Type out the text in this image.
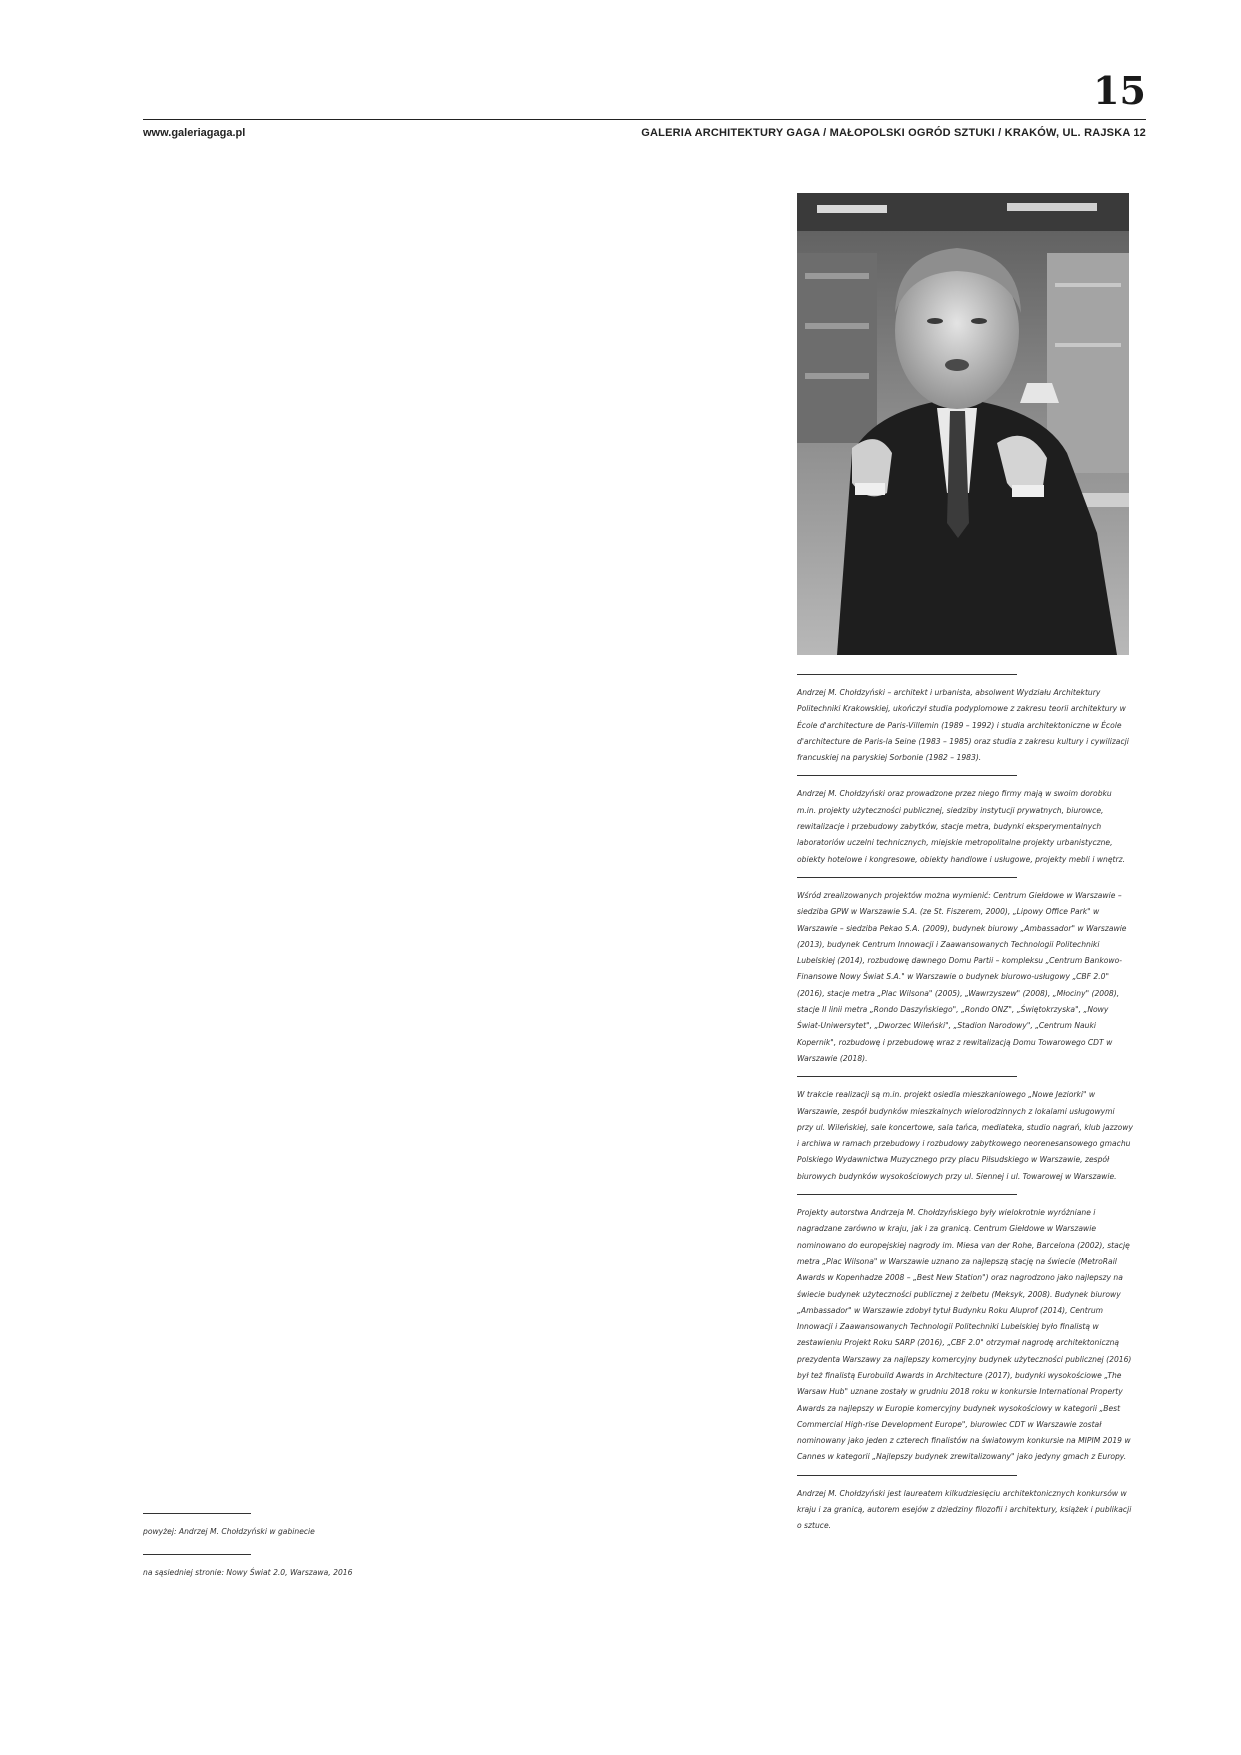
15
www.galeriagaga.pl	GALERIA ARCHITEKTURY GAGA / MAŁOPOLSKI OGRÓD SZTUKI / KRAKÓW, UL. RAJSKA 12

Andrzej M. Chołdzyński – architekt i urbanista, absolwent Wydziału Architektury Politechniki Krakowskiej, ukończył studia podyplomowe z zakresu teorii architektury w École d'architecture de Paris-Villemin (1989 – 1992) i studia architektoniczne w École d'architecture de Paris-la Seine (1983 – 1985) oraz studia z zakresu kultury i cywilizacji francuskiej na paryskiej Sorbonie (1982 – 1983).

Andrzej M. Chołdzyński oraz prowadzone przez niego firmy mają w swoim dorobku m.in. projekty użyteczności publicznej, siedziby instytucji prywatnych, biurowce, rewitalizacje i przebudowy zabytków, stacje metra, budynki eksperymentalnych laboratoriów uczelni technicznych, miejskie metropolitalne projekty urbanistyczne, obiekty hotelowe i kongresowe, obiekty handlowe i usługowe, projekty mebli i wnętrz.

Wśród zrealizowanych projektów można wymienić: Centrum Giełdowe w Warszawie – siedziba GPW w Warszawie S.A. (ze St. Fiszerem, 2000), „Lipowy Office Park" w Warszawie – siedziba Pekao S.A. (2009), budynek biurowy „Ambassador" w Warszawie (2013), budynek Centrum Innowacji i Zaawansowanych Technologii Politechniki Lubelskiej (2014), rozbudowę dawnego Domu Partii – kompleksu „Centrum Bankowo-Finansowe Nowy Świat S.A." w Warszawie o budynek biurowo-usługowy „CBF 2.0" (2016), stacje metra „Plac Wilsona" (2005), „Wawrzyszew" (2008), „Młociny" (2008), stacje II linii metra „Rondo Daszyńskiego", „Rondo ONZ", „Świętokrzyska", „Nowy Świat-Uniwersytet", „Dworzec Wileński", „Stadion Narodowy", „Centrum Nauki Kopernik", rozbudowę i przebudowę wraz z rewitalizacją Domu Towarowego CDT w Warszawie (2018).

W trakcie realizacji są m.in. projekt osiedla mieszkaniowego „Nowe Jeziorki" w Warszawie, zespół budynków mieszkalnych wielorodzinnych z lokalami usługowymi przy ul. Wileńskiej, sale koncertowe, sala tańca, mediateka, studio nagrań, klub jazzowy i archiwa w ramach przebudowy i rozbudowy zabytkowego neorenesansowego gmachu Polskiego Wydawnictwa Muzycznego przy placu Piłsudskiego w Warszawie, zespół biurowych budynków wysokościowych przy ul. Siennej i ul. Towarowej w Warszawie.

Projekty autorstwa Andrzeja M. Chołdzyńskiego były wielokrotnie wyróżniane i nagradzane zarówno w kraju, jak i za granicą. Centrum Giełdowe w Warszawie nominowano do europejskiej nagrody im. Miesa van der Rohe, Barcelona (2002), stację metra „Plac Wilsona" w Warszawie uznano za najlepszą stację na świecie (MetroRail Awards w Kopenhadze 2008 – „Best New Station") oraz nagrodzono jako najlepszy na świecie budynek użyteczności publicznej z żelbetu (Meksyk, 2008). Budynek biurowy „Ambassador" w Warszawie zdobył tytuł Budynku Roku Aluprof (2014), Centrum Innowacji i Zaawansowanych Technologii Politechniki Lubelskiej było finalistą w zestawieniu Projekt Roku SARP (2016), „CBF 2.0" otrzymał nagrodę architektoniczną prezydenta Warszawy za najlepszy komercyjny budynek użyteczności publicznej (2016) był też finalistą Eurobuild Awards in Architecture (2017), budynki wysokościowe „The Warsaw Hub" uznane zostały w grudniu 2018 roku w konkursie International Property Awards za najlepszy w Europie komercyjny budynek wysokościowy w kategorii „Best Commercial High-rise Development Europe", biurowiec CDT w Warszawie został nominowany jako jeden z czterech finalistów na światowym konkursie na MIPIM 2019 w Cannes w kategorii „Najlepszy budynek zrewitalizowany" jako jedyny gmach z Europy.

Andrzej M. Chołdzyński jest laureatem kilkudziesięciu architektonicznych konkursów w kraju i za granicą, autorem esejów z dziedziny filozofii i architektury, książek i publikacji o sztuce.

powyżej: Andrzej M. Chołdzyński w gabinecie

na sąsiedniej stronie: Nowy Świat 2.0, Warszawa, 2016
